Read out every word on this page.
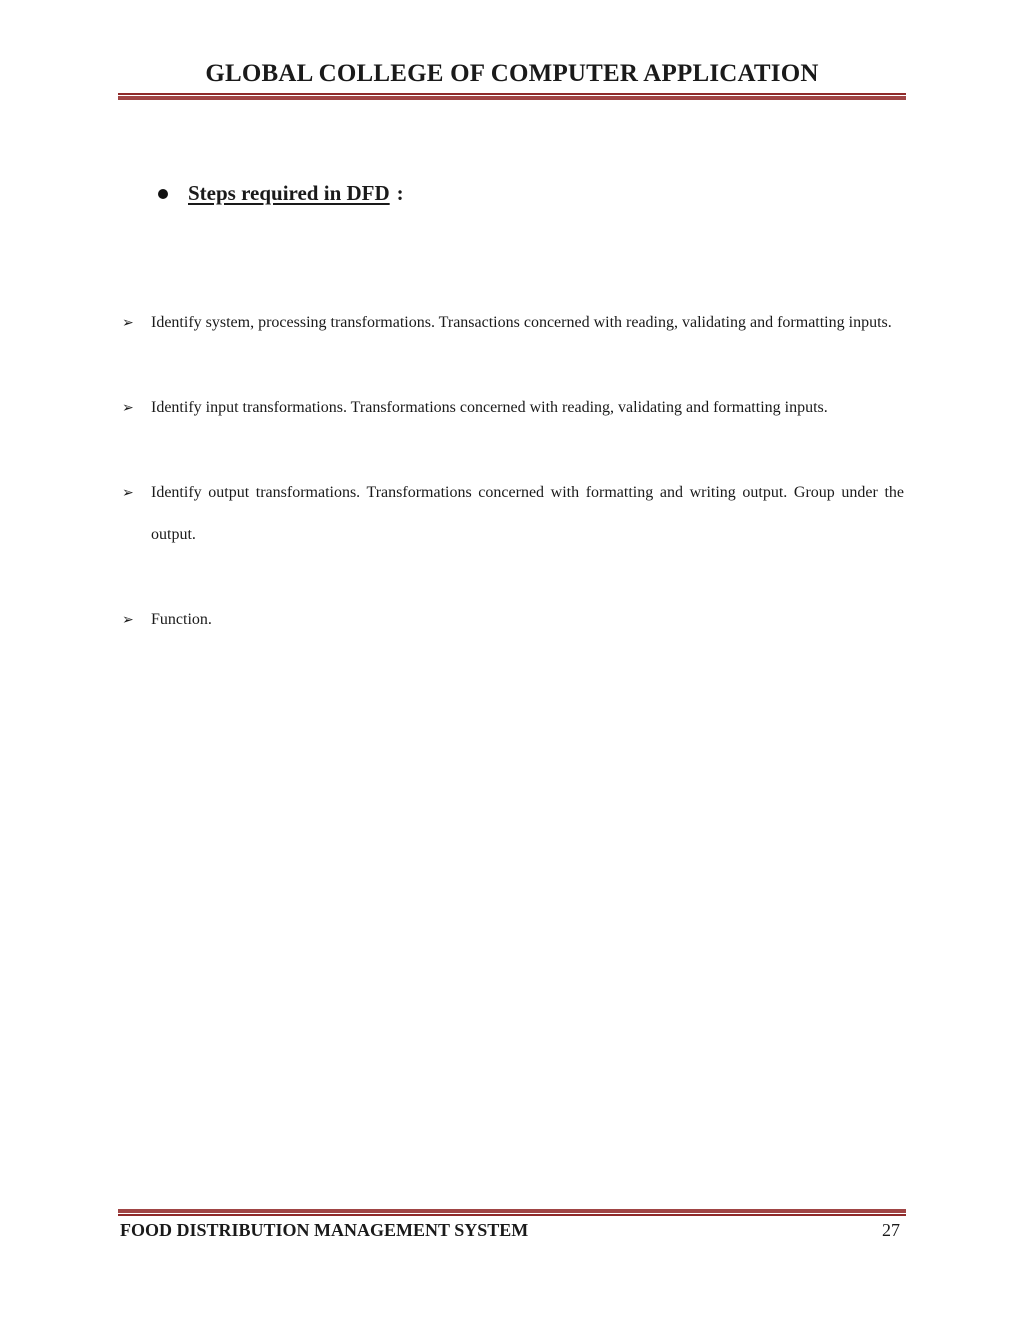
GLOBAL COLLEGE OF COMPUTER APPLICATION
Steps required in DFD :
➢ Identify system, processing transformations. Transactions concerned with reading, validating and formatting inputs.
➢ Identify input transformations. Transformations concerned with reading, validating and formatting inputs.
➢ Identify output transformations. Transformations concerned with formatting and writing output. Group under the output.
➢ Function.
FOOD DISTRIBUTION MANAGEMENT SYSTEM	27
